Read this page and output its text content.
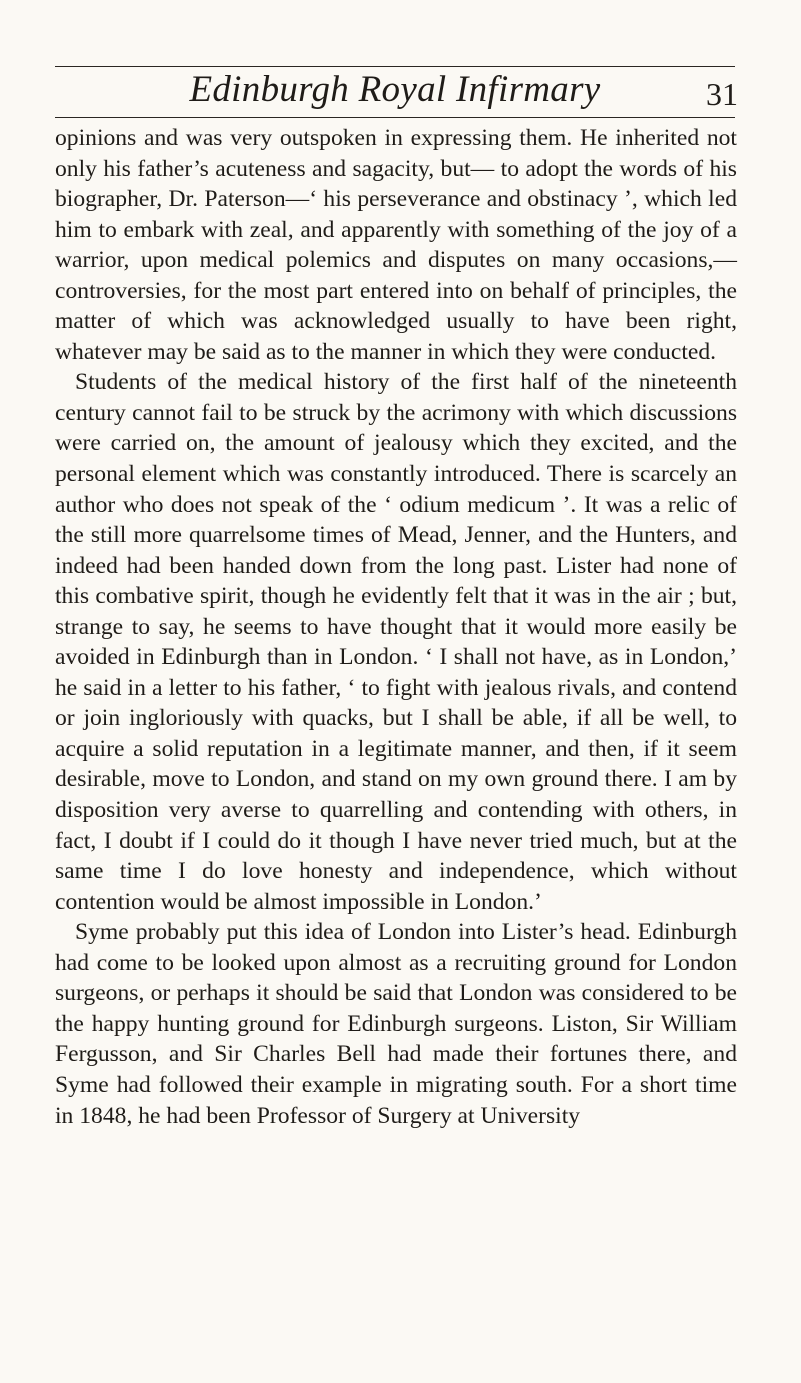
Edinburgh Royal Infirmary	31

opinions and was very outspoken in expressing them. He inherited not only his father’s acuteness and sagacity, but— to adopt the words of his biographer, Dr. Paterson—‘ his perseverance and obstinacy ’, which led him to embark with zeal, and apparently with something of the joy of a warrior, upon medical polemics and disputes on many occasions,— controversies, for the most part entered into on behalf of principles, the matter of which was acknowledged usually to have been right, whatever may be said as to the manner in which they were conducted.

Students of the medical history of the first half of the nineteenth century cannot fail to be struck by the acrimony with which discussions were carried on, the amount of jealousy which they excited, and the personal element which was constantly introduced. There is scarcely an author who does not speak of the ‘ odium medicum ’. It was a relic of the still more quarrelsome times of Mead, Jenner, and the Hunters, and indeed had been handed down from the long past. Lister had none of this combative spirit, though he evidently felt that it was in the air ; but, strange to say, he seems to have thought that it would more easily be avoided in Edinburgh than in London. ‘ I shall not have, as in London,’ he said in a letter to his father, ‘ to fight with jealous rivals, and contend or join ingloriously with quacks, but I shall be able, if all be well, to acquire a solid reputation in a legitimate manner, and then, if it seem desirable, move to London, and stand on my own ground there. I am by disposition very averse to quarrelling and contending with others, in fact, I doubt if I could do it though I have never tried much, but at the same time I do love honesty and independence, which without contention would be almost impossible in London.’

Syme probably put this idea of London into Lister’s head. Edinburgh had come to be looked upon almost as a recruiting ground for London surgeons, or perhaps it should be said that London was considered to be the happy hunting ground for Edinburgh surgeons. Liston, Sir William Fergusson, and Sir Charles Bell had made their fortunes there, and Syme had followed their example in migrating south. For a short time in 1848, he had been Professor of Surgery at University
